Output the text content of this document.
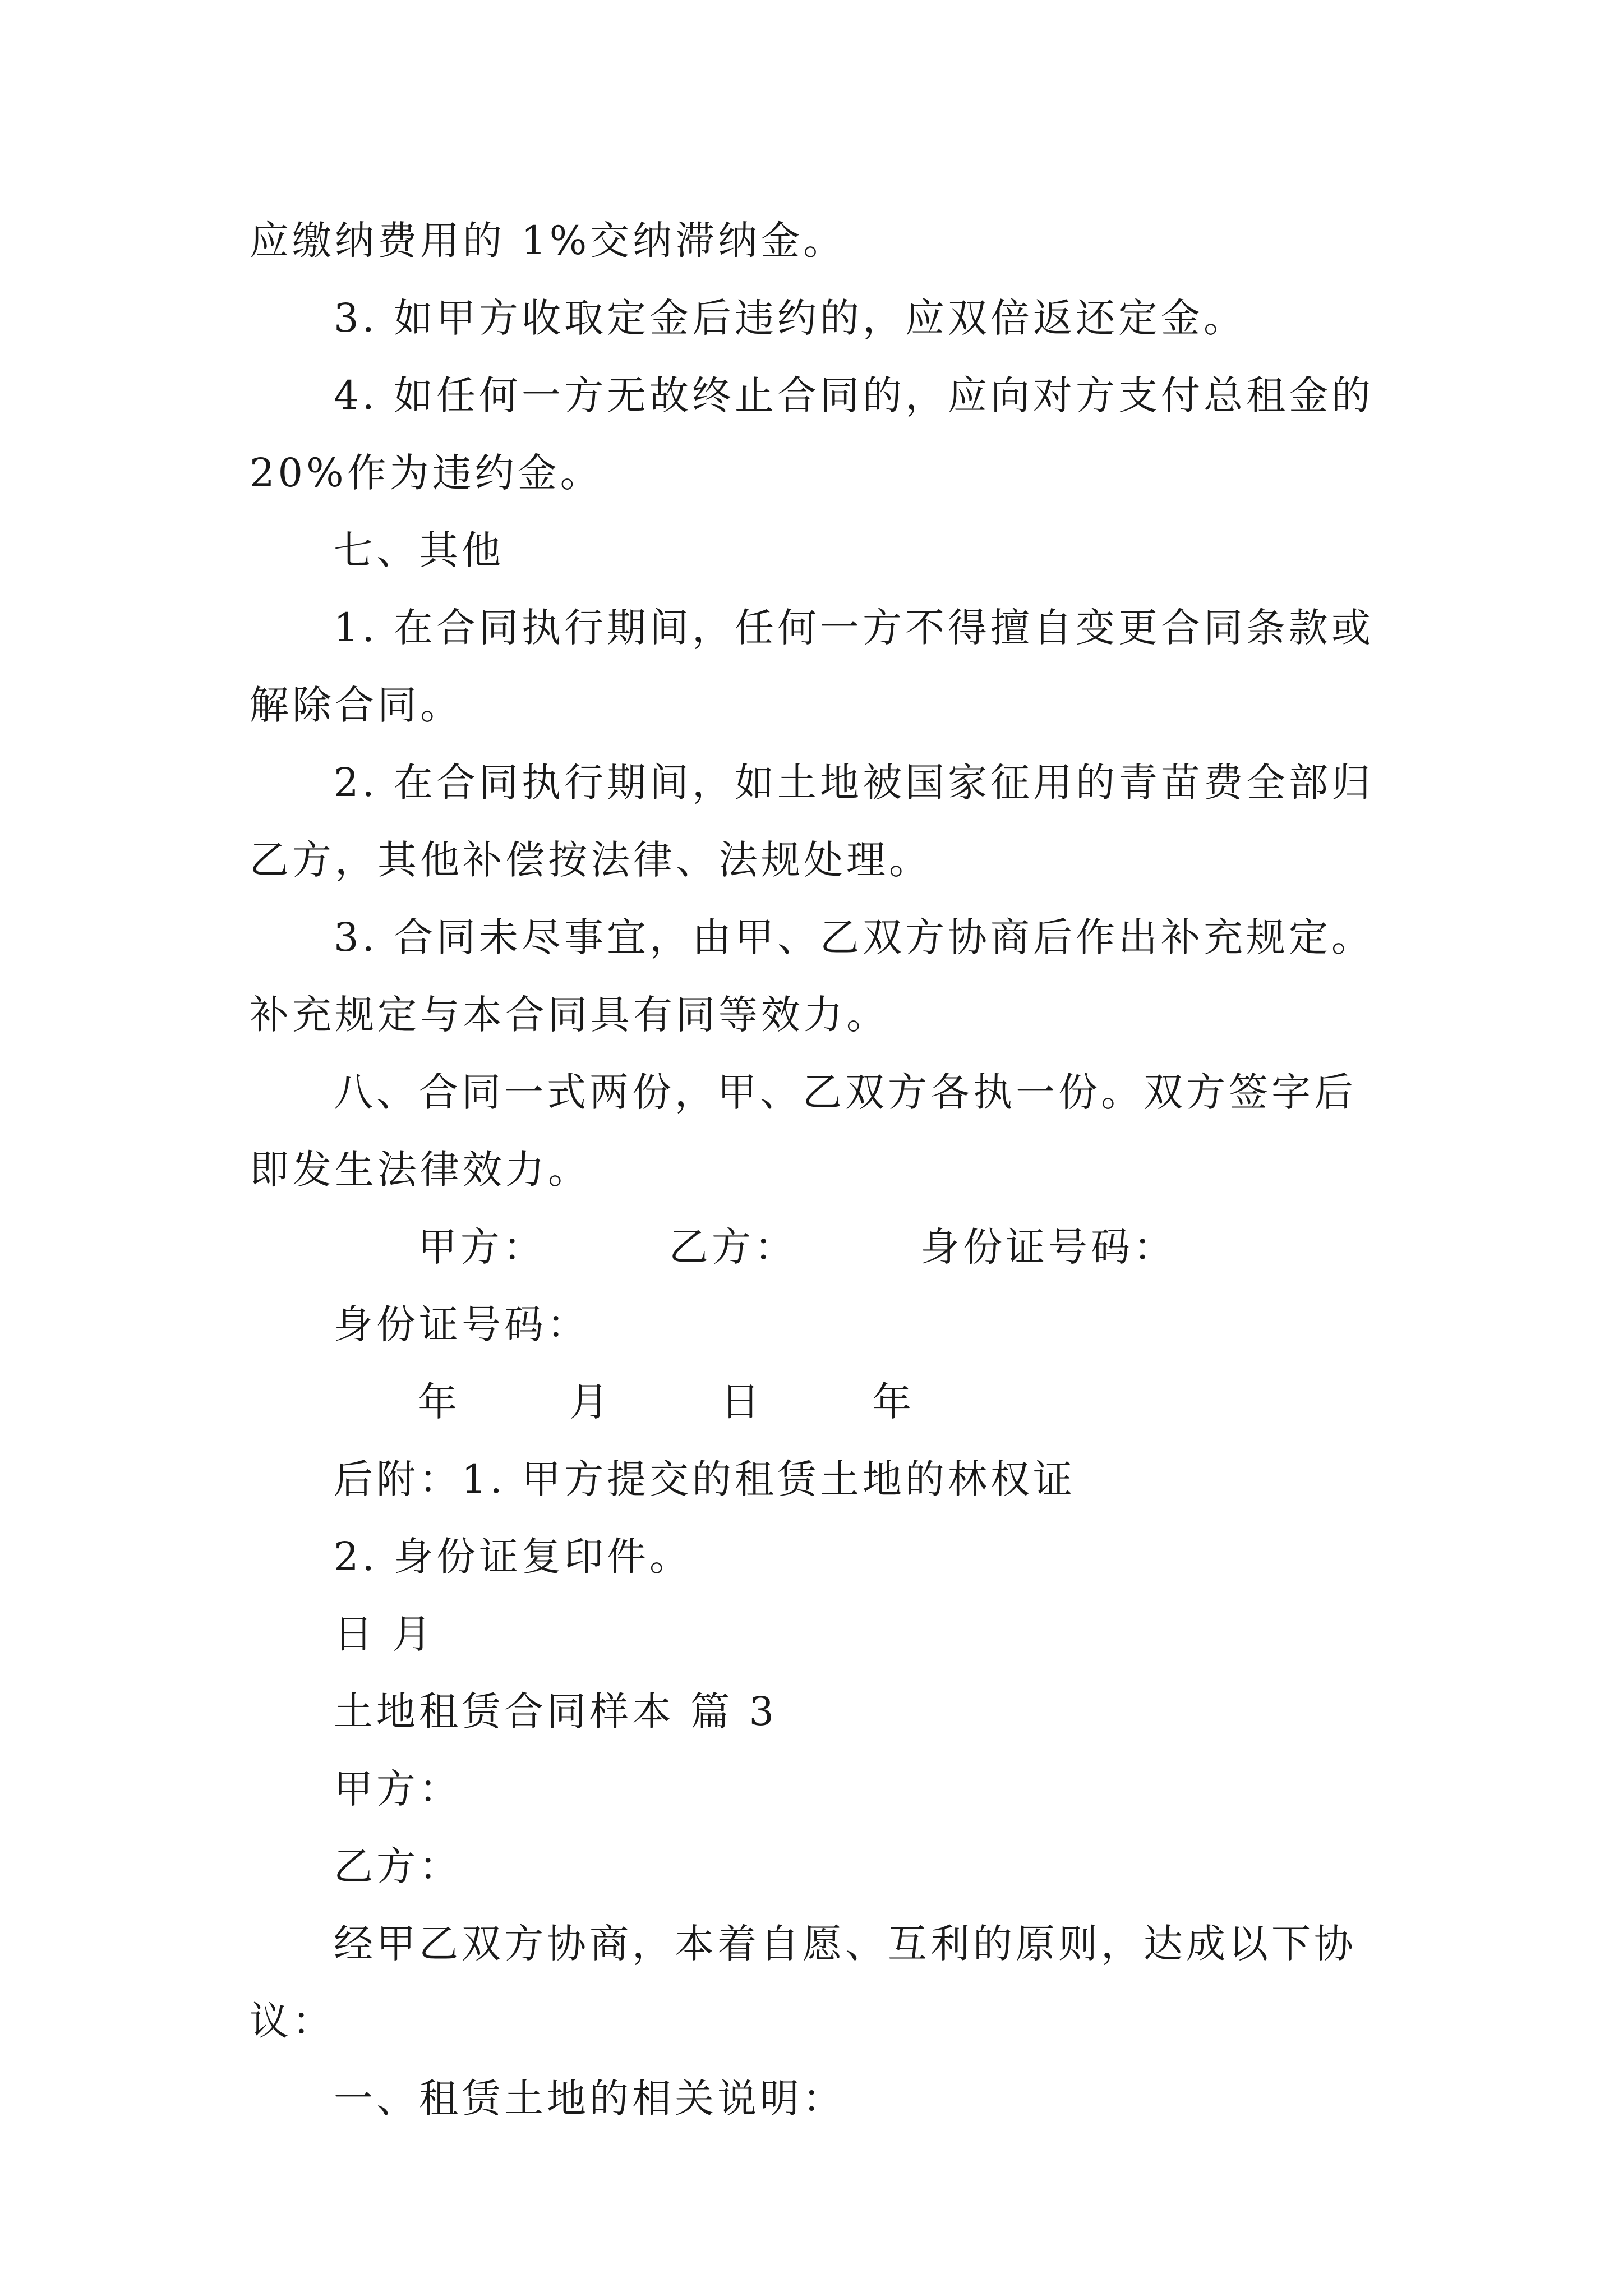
应缴纳费用的 1%交纳滞纳金。

3. 如甲方收取定金后违约的，应双倍返还定金。

4. 如任何一方无故终止合同的，应向对方支付总租金的 20%作为违约金。

七、其他

1. 在合同执行期间，任何一方不得擅自变更合同条款或解除合同。

2. 在合同执行期间，如土地被国家征用的青苗费全部归乙方，其他补偿按法律、法规处理。

3. 合同未尽事宜，由甲、乙双方协商后作出补充规定。补充规定与本合同具有同等效力。

八、合同一式两份，甲、乙双方各执一份。双方签字后即发生法律效力。

甲方：	乙方：	身份证号码：身份证号码：

年	月	日	年

后附：1. 甲方提交的租赁土地的林权证

2. 身份证复印件。

日 月

土地租赁合同样本 篇 3

甲方：

乙方：

经甲乙双方协商，本着自愿、互利的原则，达成以下协议：

一、租赁土地的相关说明：
